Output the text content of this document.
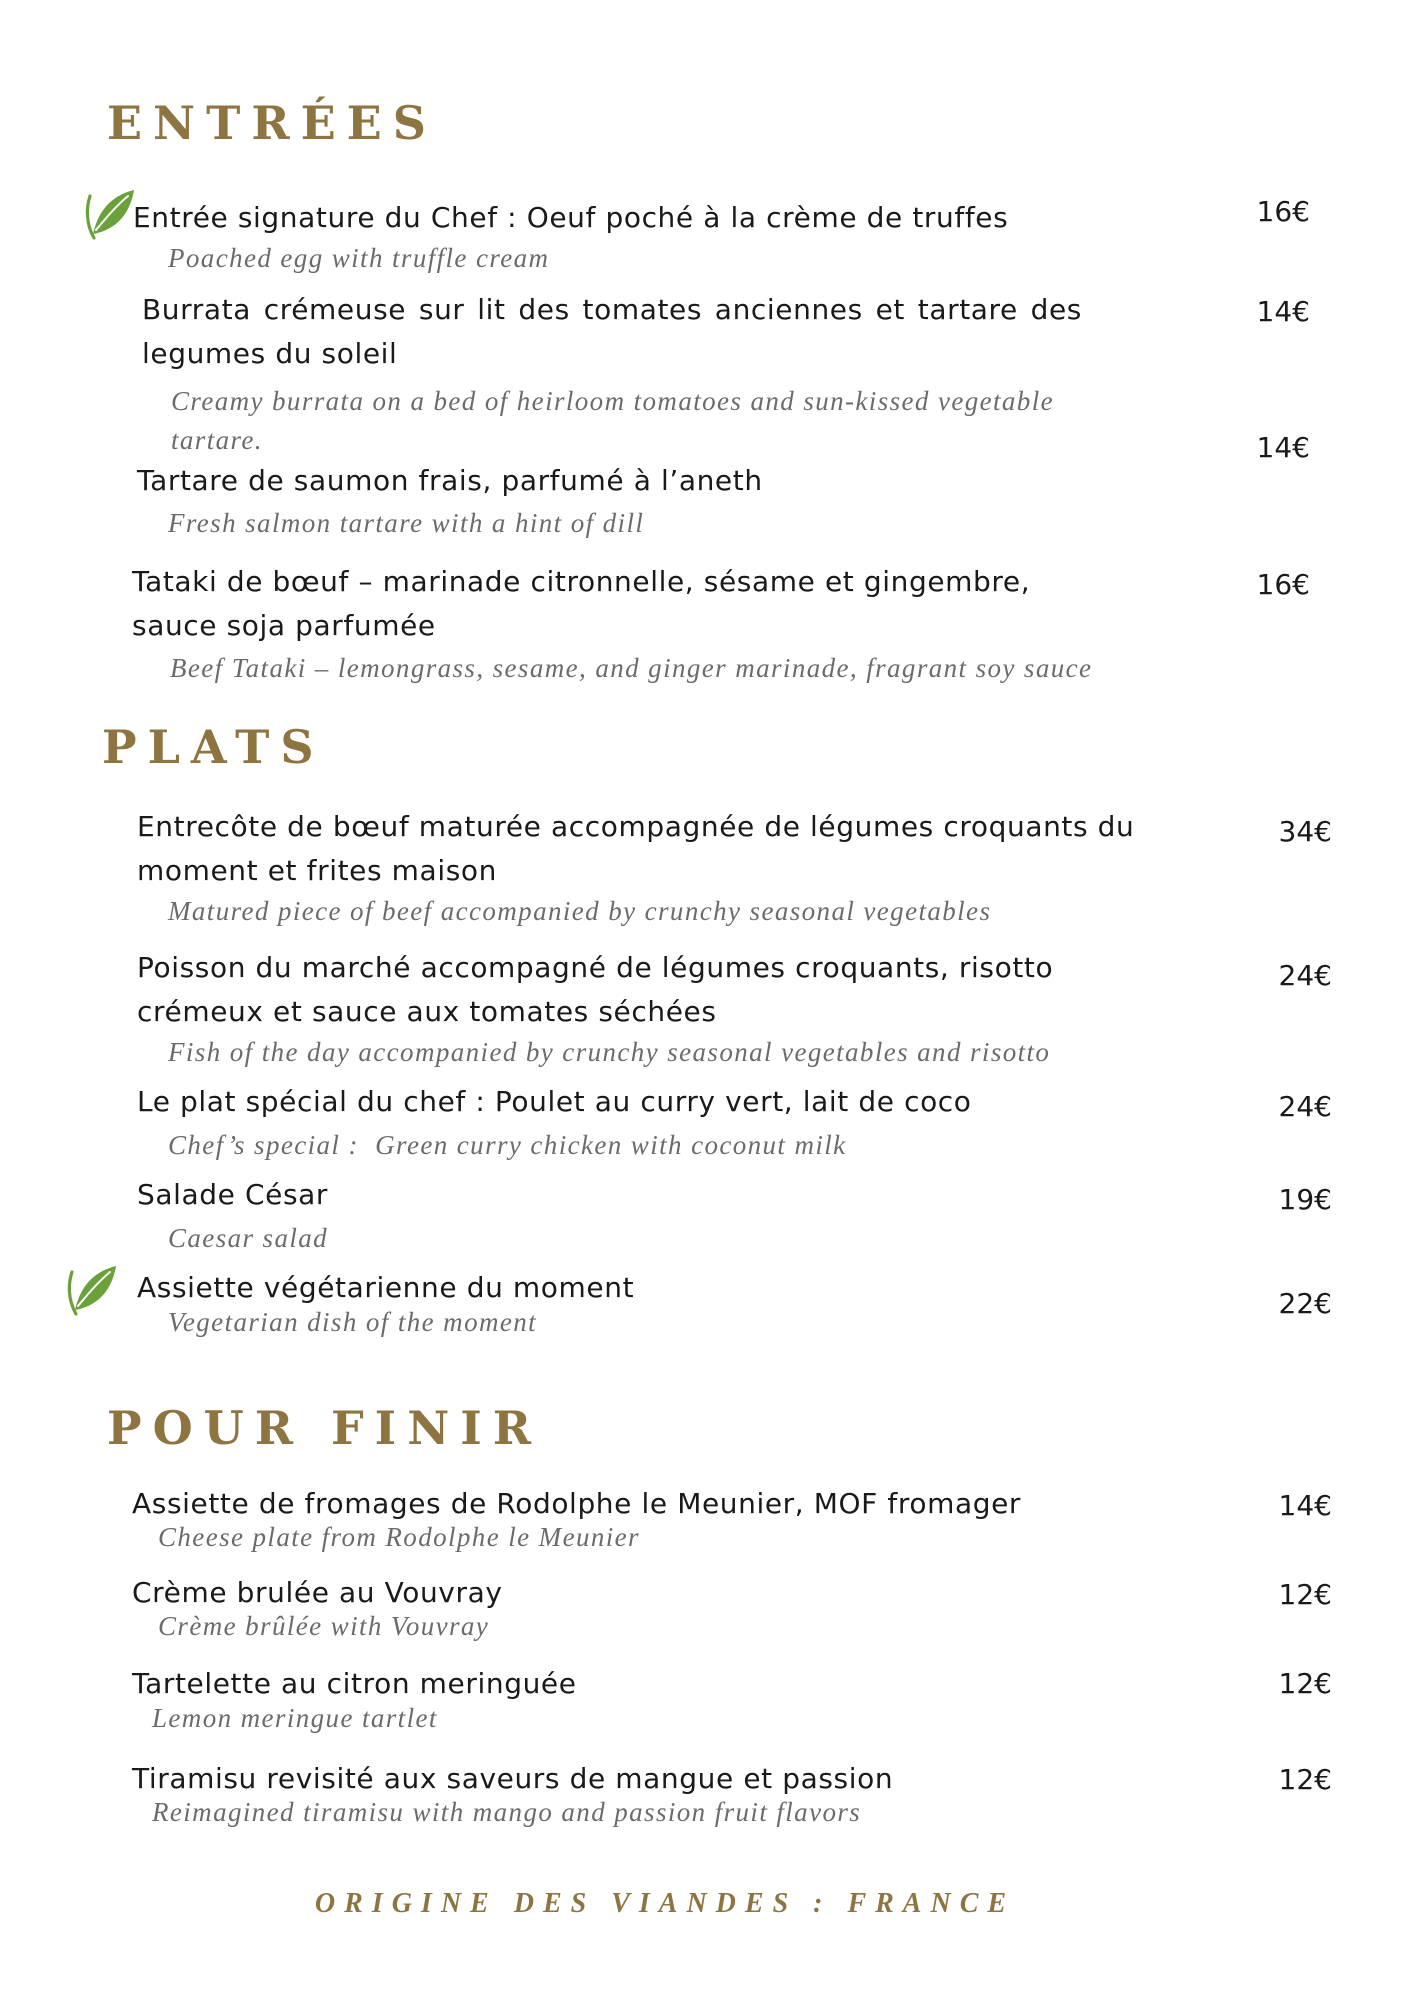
ENTRÉES

Entrée signature du Chef : Oeuf poché à la crème de truffes

Poached egg with truffle cream

16€

Burrata crémeuse sur lit des tomates anciennes et tartare des legumes du soleil

Creamy burrata on a bed of heirloom tomatoes and sun-kissed vegetable tartare.

14€

Tartare de saumon frais, parfumé à l’aneth

Fresh salmon tartare with a hint of dill

14€

Tataki de bœuf – marinade citronnelle, sésame et gingembre, sauce soja parfumée

Beef Tataki – lemongrass, sesame, and ginger marinade, fragrant soy sauce

16€

PLATS

Entrecôte de bœuf maturée accompagnée de légumes croquants du moment et frites maison

Matured piece of beef accompanied by crunchy seasonal vegetables

34€

Poisson du marché accompagné de légumes croquants, risotto crémeux et sauce aux tomates séchées

Fish of the day accompanied by crunchy seasonal vegetables and risotto

24€

Le plat spécial du chef : Poulet au curry vert, lait de coco

Chef’s special :  Green curry chicken with coconut milk

24€

Salade César

Caesar salad

19€

Assiette végétarienne du moment

Vegetarian dish of the moment

22€

POUR FINIR

Assiette de fromages de Rodolphe le Meunier, MOF fromager

Cheese plate from Rodolphe le Meunier

14€

Crème brulée au Vouvray

Crème brûlée with Vouvray

12€

Tartelette au citron meringuée

Lemon meringue tartlet

12€

Tiramisu revisité aux saveurs de mangue et passion

Reimagined tiramisu with mango and passion fruit flavors

12€

ORIGINE DES VIANDES : FRANCE
